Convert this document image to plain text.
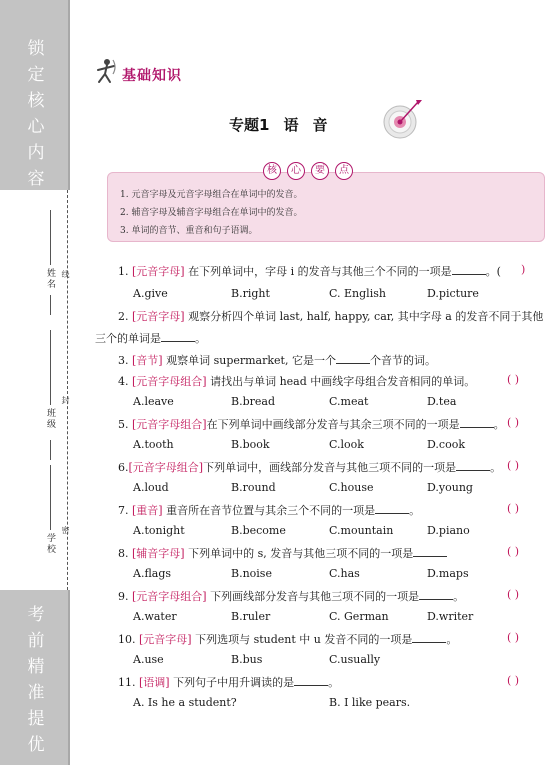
锁
定
核
心
内
容
姓名 线
班级
封
学校
密
考
前
精
准
提
优
基础知识
专题1 语音
1. 元音字母及元音字母组合在单词中的发音。
2. 辅音字母及辅音字母组合在单词中的发音。
3. 单词的音节、重音和句子语调。
核	心	要	点
1. [元音字母] 在下列单词中，字母 i 的发音与其他三个不同的一项是	。( )
A.give	B.right	C. English	D.picture
2. [元音字母] 观察分析四个单词 last, half, happy, car, 其中字母 a 的发音不同于其他
三个的单词是	。
3. [音节] 观察单词 supermarket, 它是一个	个音节的词。
4. [元音字母组合] 请找出与单词 head 中画线字母组合发音相同的单词。	( )
A.leave	B.bread	C.meat	D.tea
5. [元音字母组合]在下列单词中画线部分发音与其余三项不同的一项是	。 ( )
A.tooth	B.book	C.look	D.cook
6.[元音字母组合]下列单词中，画线部分发音与其他三项不同的一项是	。 ( )
A.loud	B.round	C.house	D.young
7. [重音] 重音所在音节位置与其余三个不同的一项是	。	( )
A.tonight	B.become	C.mountain	D.piano
8. [辅音字母] 下列单词中的 s, 发音与其他三项不同的一项是	( )
A.flags	B.noise	C.has	D.maps
9. [元音字母组合] 下列画线部分发音与其他三项不同的一项是	。	( )
A.water	B.ruler	C. German	D.writer
10. [元音字母] 下列选项与 student 中 u 发音不同的一项是	。	( )
A.use	B.bus	C.usually
11. [语调] 下列句子中用升调读的是	。	( )
A. Is he a student?	B. I like pears.
